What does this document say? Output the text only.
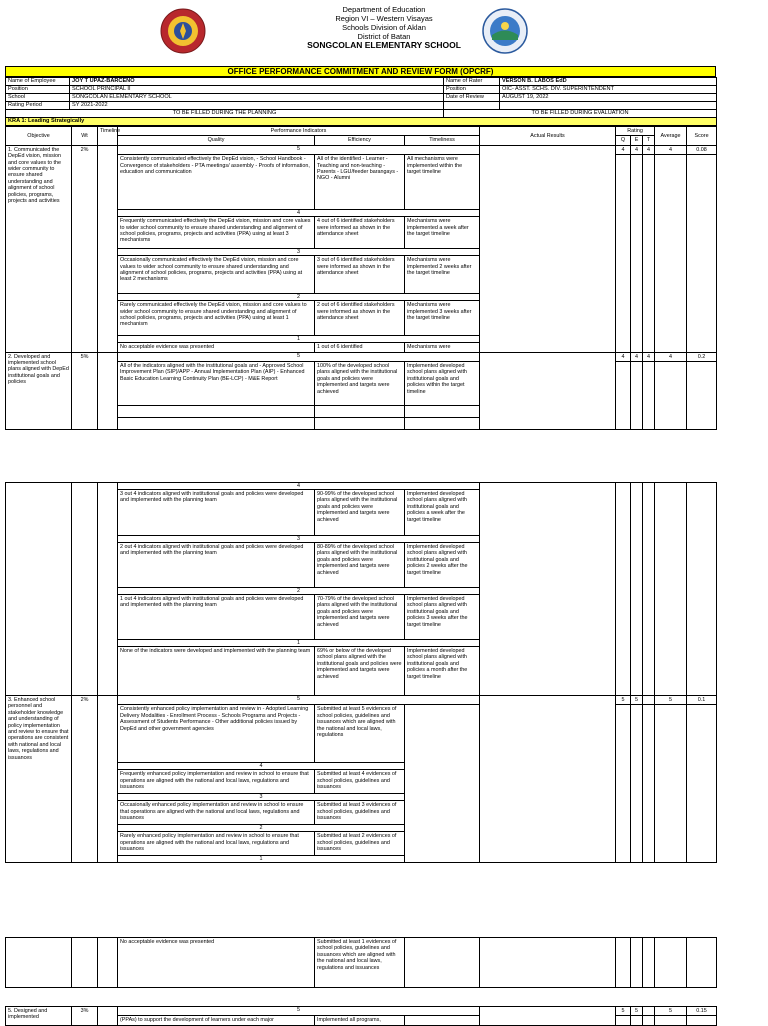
Department of Education
Region VI – Western Visayas
Schools Division of Aklan
District of Batan
SONGCOLAN ELEMENTARY SCHOOL
OFFICE PERFORMANCE COMMITMENT AND REVIEW FORM (OPCRF)
Name of Employee	JOY T UPAZ-BARCENO	Name of Rater	VERSON B. LABOS EdD
Position	SCHOOL PRINCIPAL II	Position	OIC- ASST. SCHS. DIV. SUPERINTENDENT
School	SONGCOLAN ELEMENTARY SCHOOL	Date of Review	AUGUST 19, 2022
Rating Period	SY 2021-2022		
TO BE FILLED DURING THE PLANNING		TO BE FILLED DURING EVALUATION	
KRA 1: Leading Strategically			
Objective	Wt	Timeline	Performance Indicators			Actual Results	Rating			Average	Score
			Quality	Efficiency	Timeliness		Q	E	T		
1. Communicated the DepEd vision, mission and core values to the wider community to ensure shared understanding and alignment of school policies, programs, projects and activities	2%		5				4	4	4	4	0.08
			Consistently communicated effectively the DepEd vision, - School Handbook - Convergence of stakeholders - PTA meetings/ assembly - Proofs of information, education and communication	All of the identified - Learner - Teaching and non-teaching - Parents - LGU/feeder barangays - NGO - Alumni	All mechanisms were implemented within the target timeline						
			4								
			Frequently communicated effectively the DepEd vision, mission and core values to wider school community to ensure shared understanding and alignment of school policies, programs, projects and activities (PPA) using at least 3 mechanisms	4 out of 6 identified stakeholders were informed as shown in the attendance sheet	Mechanisms were implemented a week after the target timeline						
			3								
			Occasionally communicated effectively the DepEd vision, mission and core values to wider school community to ensure shared understanding and alignment of school policies, programs, projects and activities (PPA) using at least 2 mechanisms	3 out of 6 identified stakeholders were informed as shown in the attendance sheet	Mechanisms were implemented 2 weeks after the target timeline						
			2								
			Rarely communicated effectively the DepEd vision, mission and core values to wider school community to ensure shared understanding and alignment of school policies, programs, projects and activities (PPA) using at least 1 mechanism	2 out of 6 identified stakeholders were informed as shown in the attendance sheet	Mechanisms were implemented 3 weeks after the target timeline						
			1								
			No acceptable evidence was presented	1 out of 6 identified	Mechanisms were						
2. Developed and implemented school plans aligned with DepEd institutional goals and policies	5%		5				4	4	4	4	0.2
			All of the indicators aligned with the institutional goals and - Approved School Improvement Plan (SIP)/APP - Annual Implementation Plan (AIP) - Enhanced Basic Education Learning Continuity Plan (BE-LCP) - M&E Report	100% of the developed school plans aligned with the institutional goals and policies were implemented and targets were achieved	Implemented developed school plans aligned with institutional goals and policies within the target timeline						

			4								
			3 out 4 indicators aligned with institutional goals and policies were developed and implemented with the planning team	90-99% of the developed school plans aligned with the institutional goals and policies were implemented and targets were achieved	Implemented developed school plans aligned with institutional goals and policies a week after the target timeline						
			3								
			2 out 4 indicators aligned with institutional goals and policies were developed and implemented with the planning team	80-89% of the developed school plans aligned with the institutional goals and policies were implemented and targets were achieved	Implemented developed school plans aligned with institutional goals and policies 2 weeks after the target timeline						
			2								
			1 out 4 indicators aligned with institutional goals and policies were developed and implemented with the planning team	70-79% of the developed school plans aligned with the institutional goals and policies were implemented and targets were achieved	Implemented developed school plans aligned with institutional goals and policies 3 weeks after the target timeline						
			1								
			None of the indicators were developed and implemented with the planning team	69% or below of the developed school plans aligned with the institutional goals and policies were implemented and targets were achieved	Implemented developed school plans aligned with institutional goals and policies a month after the target timeline						
3. Enhanced school personnel and stakeholder knowledge and understanding of policy implementation and review to ensure that operations are consistent with national and local laws, regulations and issuances	2%		5				5	5		5	0.1
			Consistently enhanced policy implementation and review in - Adopted Learning Delivery Modalities - Enrollment Process - Schools Programs and Projects - Assessment of Students Performance - Other additional policies issued by DepEd and other government agencies	Submitted at least 5 evidences of school policies, guidelines and issuances which are aligned with the national and local laws, regulations							
			4								
			Frequently enhanced policy implementation and review in school to ensure that operations are aligned with the national and local laws, regulations and issuances	Submitted at least 4 evidences of school policies, guidelines and issuances							
			3								
			Occasionally enhanced policy implementation and review in school to ensure that operations are aligned with the national and local laws, regulations and issuances	Submitted at least 3 evidences of school policies, guidelines and issuances							
			2								
			Rarely enhanced policy implementation and review in school to ensure that operations are aligned with the national and local laws, regulations and issuances	Submitted at least 2 evidences of school policies, guidelines and issuances							
			1								
			No acceptable evidence was presented	Submitted at least 1 evidences of school policies, guidelines and issuances which are aligned with the national and local laws, regulations and issuances							
5. Designed and implemented	3%		5				5	5		5	0.15
			(PPAs) to support the development of learners under each major	Implemented all programs,							
